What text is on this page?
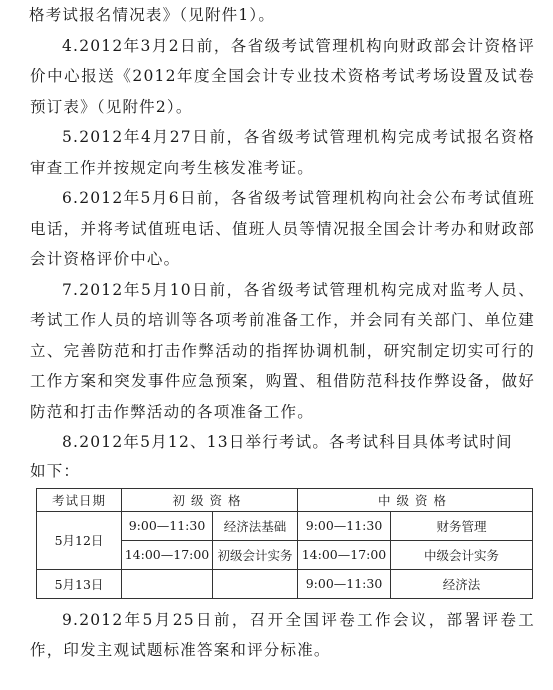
格考试报名情况表》（见附件1）。

4.2012年3月2日前，各省级考试管理机构向财政部会计资格评价中心报送《2012年度全国会计专业技术资格考试考场设置及试卷预订表》（见附件2）。

5.2012年4月27日前，各省级考试管理机构完成考试报名资格审查工作并按规定向考生核发准考证。

6.2012年5月6日前，各省级考试管理机构向社会公布考试值班电话，并将考试值班电话、值班人员等情况报全国会计考办和财政部会计资格评价中心。

7.2012年5月10日前，各省级考试管理机构完成对监考人员、考试工作人员的培训等各项考前准备工作，并会同有关部门、单位建立、完善防范和打击作弊活动的指挥协调机制，研究制定切实可行的工作方案和突发事件应急预案，购置、租借防范科技作弊设备，做好防范和打击作弊活动的各项准备工作。

8.2012年5月12、13日举行考试。各考试科目具体考试时间

如下：

考试日期	初级资格		中级资格	
5月12日	9:00—11:30	经济法基础	9:00—11:30	财务管理
	14:00—17:00	初级会计实务	14:00—17:00	中级会计实务
5月13日			9:00—11:30	经济法

9.2012年5月25日前，召开全国评卷工作会议，部署评卷工作，印发主观试题标准答案和评分标准。
